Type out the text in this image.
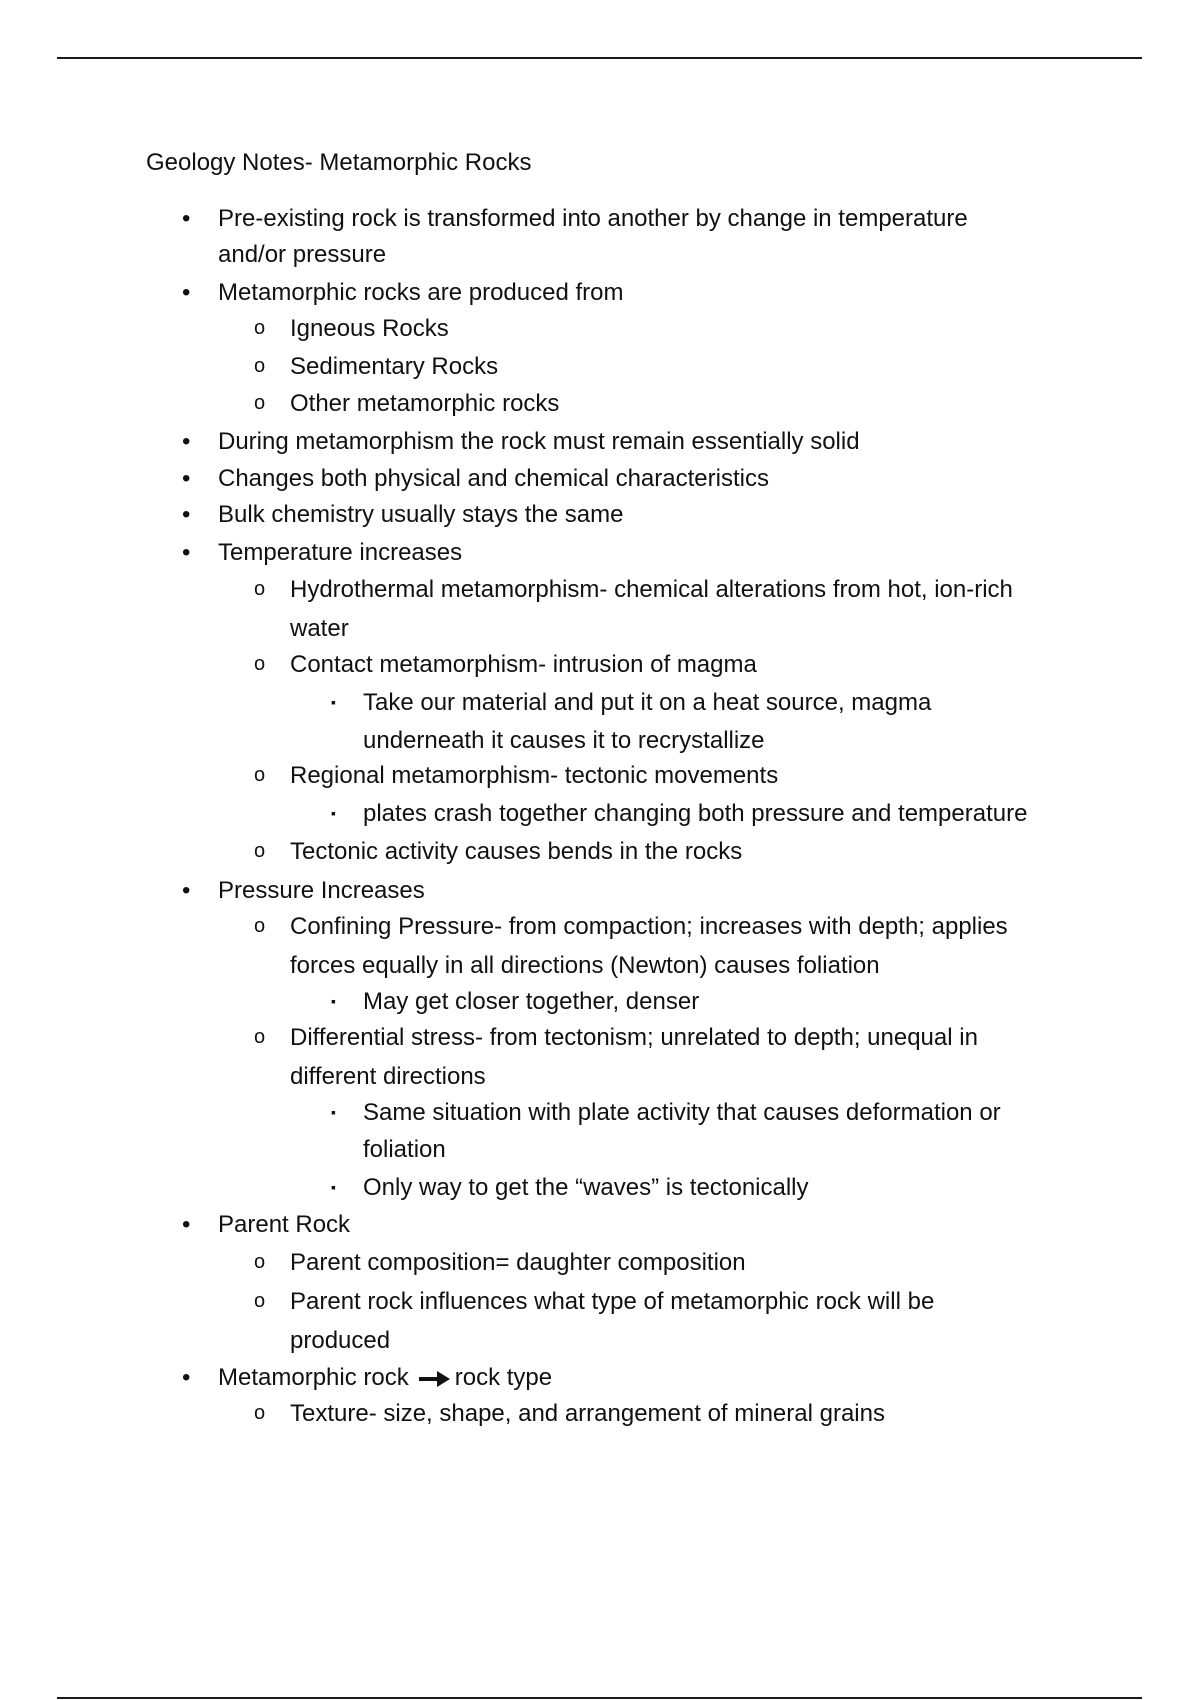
Geology Notes- Metamorphic Rocks
• Pre-existing rock is transformed into another by change in temperature
and/or pressure
• Metamorphic rocks are produced from
o Igneous Rocks
o Sedimentary Rocks
o Other metamorphic rocks
• During metamorphism the rock must remain essentially solid
• Changes both physical and chemical characteristics
• Bulk chemistry usually stays the same
• Temperature increases
o Hydrothermal metamorphism- chemical alterations from hot, ion-rich
water
o Contact metamorphism- intrusion of magma
▪ Take our material and put it on a heat source, magma
underneath it causes it to recrystallize
o Regional metamorphism- tectonic movements
▪ plates crash together changing both pressure and temperature
o Tectonic activity causes bends in the rocks
• Pressure Increases
o Confining Pressure- from compaction; increases with depth; applies
forces equally in all directions (Newton) causes foliation
▪ May get closer together, denser
o Differential stress- from tectonism; unrelated to depth; unequal in
different directions
▪ Same situation with plate activity that causes deformation or
foliation
▪ Only way to get the “waves” is tectonically
• Parent Rock
o Parent composition= daughter composition
o Parent rock influences what type of metamorphic rock will be
produced
• Metamorphic rock rock type
o Texture- size, shape, and arrangement of mineral grains
